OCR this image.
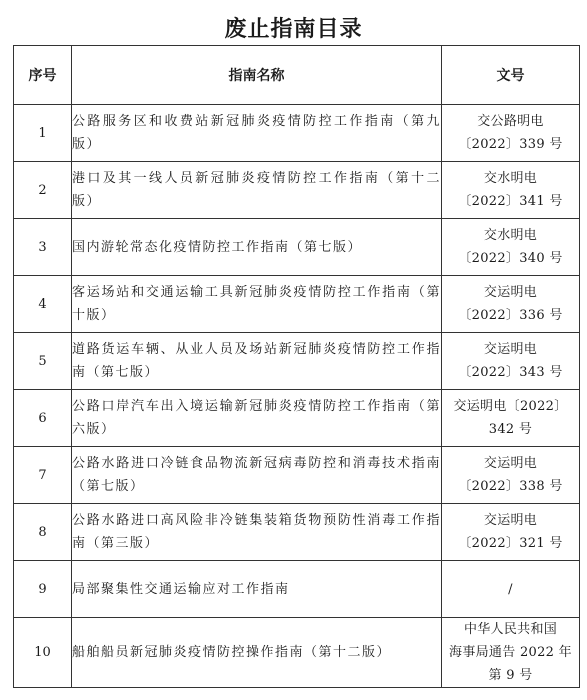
废止指南目录
序号	指南名称	文号
1	公路服务区和收费站新冠肺炎疫情防控工作指南（第九版）	交公路明电
〔2022〕339 号

2	港口及其一线人员新冠肺炎疫情防控工作指南（第十二版）	交水明电
〔2022〕341 号

3	国内游轮常态化疫情防控工作指南（第七版）	交水明电
〔2022〕340 号

4	客运场站和交通运输工具新冠肺炎疫情防控工作指南（第十版）	交运明电
〔2022〕336 号

5	道路货运车辆、从业人员及场站新冠肺炎疫情防控工作指南（第七版）	交运明电
〔2022〕343 号

6	公路口岸汽车出入境运输新冠肺炎疫情防控工作指南（第六版）	交运明电〔2022〕
342 号

7	公路水路进口冷链食品物流新冠病毒防控和消毒技术指南（第七版）	交运明电
〔2022〕338 号

8	公路水路进口高风险非冷链集装箱货物预防性消毒工作指南（第三版）	交运明电
〔2022〕321 号

9	局部聚集性交通运输应对工作指南	/

10	船舶船员新冠肺炎疫情防控操作指南（第十二版）	中华人民共和国
海事局通告 2022 年
第 9 号
